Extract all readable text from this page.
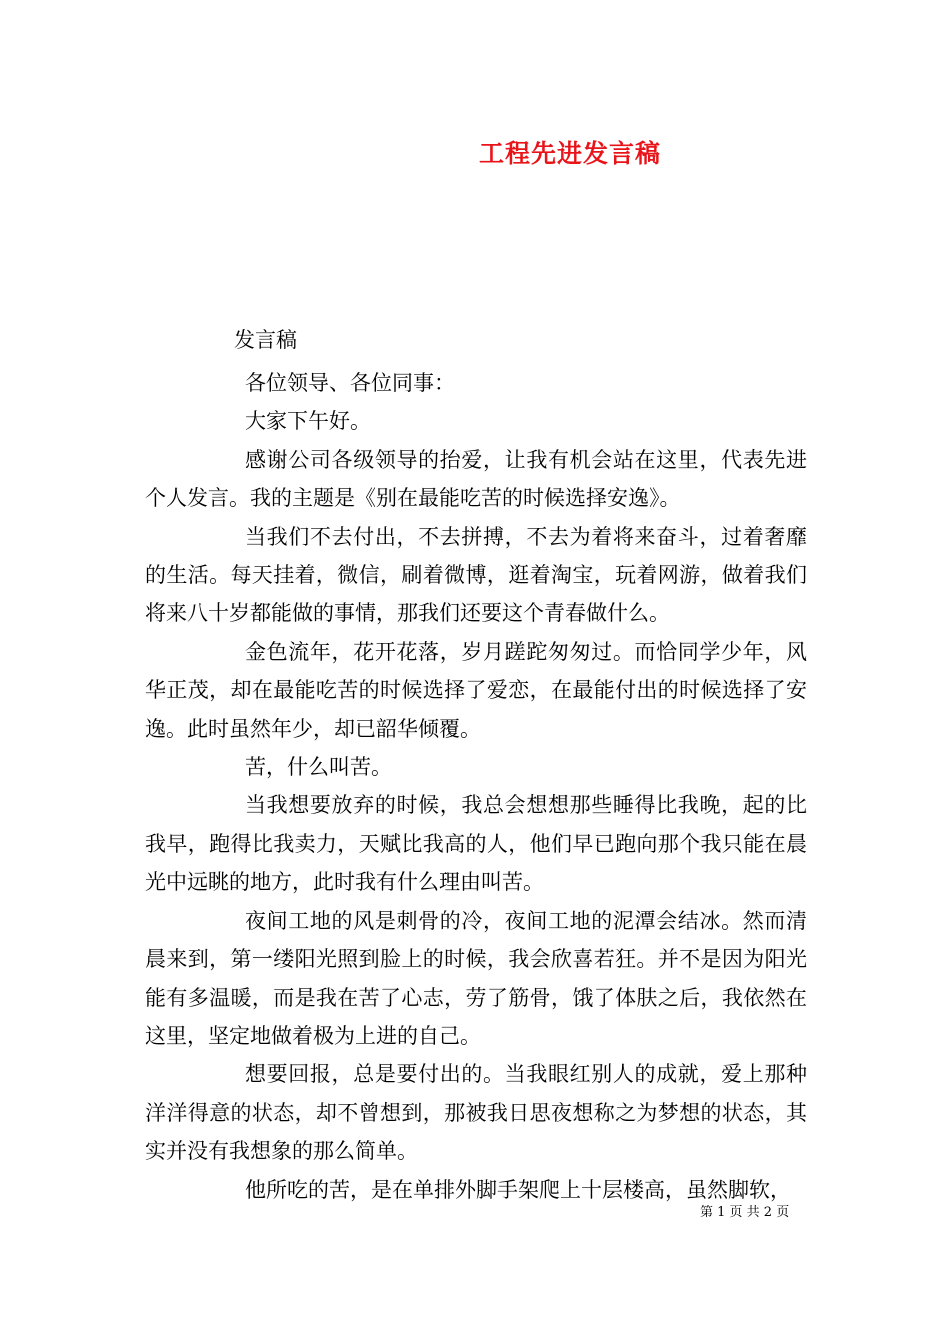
工程先进发言稿
发言稿

各位领导、各位同事：

大家下午好。

感谢公司各级领导的抬爱，让我有机会站在这里，代表先进个人发言。我的主题是《别在最能吃苦的时候选择安逸》。

当我们不去付出，不去拼搏，不去为着将来奋斗，过着奢靡的生活。每天挂着，微信，刷着微博，逛着淘宝，玩着网游，做着我们将来八十岁都能做的事情，那我们还要这个青春做什么。

金色流年，花开花落，岁月蹉跎匆匆过。而恰同学少年，风华正茂，却在最能吃苦的时候选择了爱恋，在最能付出的时候选择了安逸。此时虽然年少，却已韶华倾覆。

苦，什么叫苦。

当我想要放弃的时候，我总会想想那些睡得比我晚，起的比我早，跑得比我卖力，天赋比我高的人，他们早已跑向那个我只能在晨光中远眺的地方，此时我有什么理由叫苦。

夜间工地的风是刺骨的冷，夜间工地的泥潭会结冰。然而清晨来到，第一缕阳光照到脸上的时候，我会欣喜若狂。并不是因为阳光能有多温暖，而是我在苦了心志，劳了筋骨，饿了体肤之后，我依然在这里，坚定地做着极为上进的自己。

想要回报，总是要付出的。当我眼红别人的成就，爱上那种洋洋得意的状态，却不曾想到，那被我日思夜想称之为梦想的状态，其实并没有我想象的那么简单。

他所吃的苦，是在单排外脚手架爬上十层楼高，虽然脚软，

第 1 页 共 2 页
